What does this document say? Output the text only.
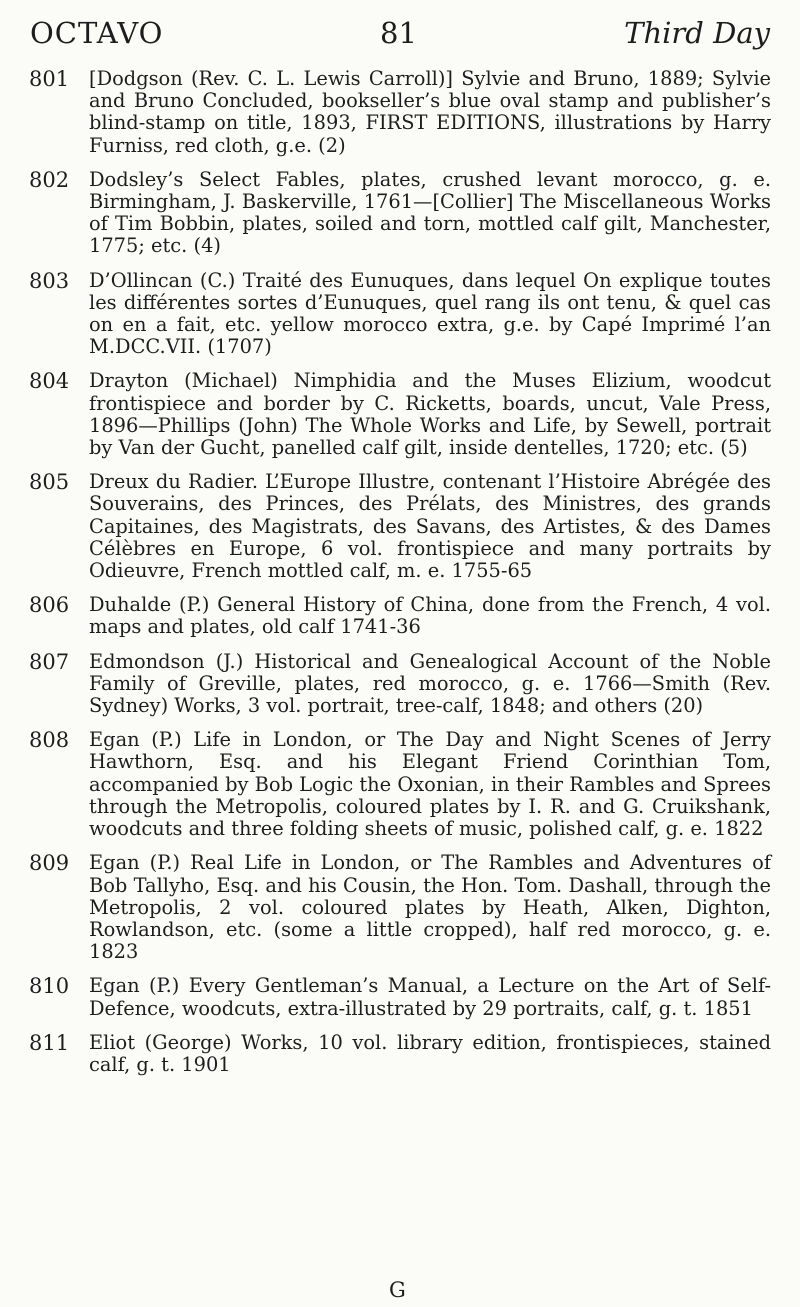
OCTAVO	81	Third Day
801	[Dodgson (Rev. C. L. Lewis Carroll)] Sylvie and Bruno, 1889; Sylvie and Bruno Concluded, bookseller’s blue oval stamp and publisher’s blind-stamp on title, 1893, FIRST EDITIONS, illustrations by Harry Furniss, red cloth, g.e. (2)
802	Dodsley’s Select Fables, plates, crushed levant morocco, g. e. Birmingham, J. Baskerville, 1761—[Collier] The Miscellaneous Works of Tim Bobbin, plates, soiled and torn, mottled calf gilt, Manchester, 1775; etc. (4)
803	D’Ollincan (C.) Traité des Eunuques, dans lequel On explique toutes les différentes sortes d’Eunuques, quel rang ils ont tenu, & quel cas on en a fait, etc. yellow morocco extra, g.e. by Capé Imprimé l’an M.DCC.VII. (1707)
804	Drayton (Michael) Nimphidia and the Muses Elizium, woodcut frontispiece and border by C. Ricketts, boards, uncut, Vale Press, 1896—Phillips (John) The Whole Works and Life, by Sewell, portrait by Van der Gucht, panelled calf gilt, inside dentelles, 1720; etc. (5)
805	Dreux du Radier. L’Europe Illustre, contenant l’Histoire Abrégée des Souverains, des Princes, des Prélats, des Ministres, des grands Capitaines, des Magistrats, des Savans, des Artistes, & des Dames Célèbres en Europe, 6 vol. frontispiece and many portraits by Odieuvre, French mottled calf, m. e. 1755-65
806	Duhalde (P.) General History of China, done from the French, 4 vol. maps and plates, old calf 1741-36
807	Edmondson (J.) Historical and Genealogical Account of the Noble Family of Greville, plates, red morocco, g. e. 1766—Smith (Rev. Sydney) Works, 3 vol. portrait, tree-calf, 1848; and others (20)
808	Egan (P.) Life in London, or The Day and Night Scenes of Jerry Hawthorn, Esq. and his Elegant Friend Corinthian Tom, accompanied by Bob Logic the Oxonian, in their Rambles and Sprees through the Metropolis, coloured plates by I. R. and G. Cruikshank, woodcuts and three folding sheets of music, polished calf, g. e. 1822
809	Egan (P.) Real Life in London, or The Rambles and Adventures of Bob Tallyho, Esq. and his Cousin, the Hon. Tom. Dashall, through the Metropolis, 2 vol. coloured plates by Heath, Alken, Dighton, Rowlandson, etc. (some a little cropped), half red morocco, g. e. 1823
810	Egan (P.) Every Gentleman’s Manual, a Lecture on the Art of Self-Defence, woodcuts, extra-illustrated by 29 portraits, calf, g. t. 1851
811	Eliot (George) Works, 10 vol. library edition, frontispieces, stained calf, g. t. 1901
G
